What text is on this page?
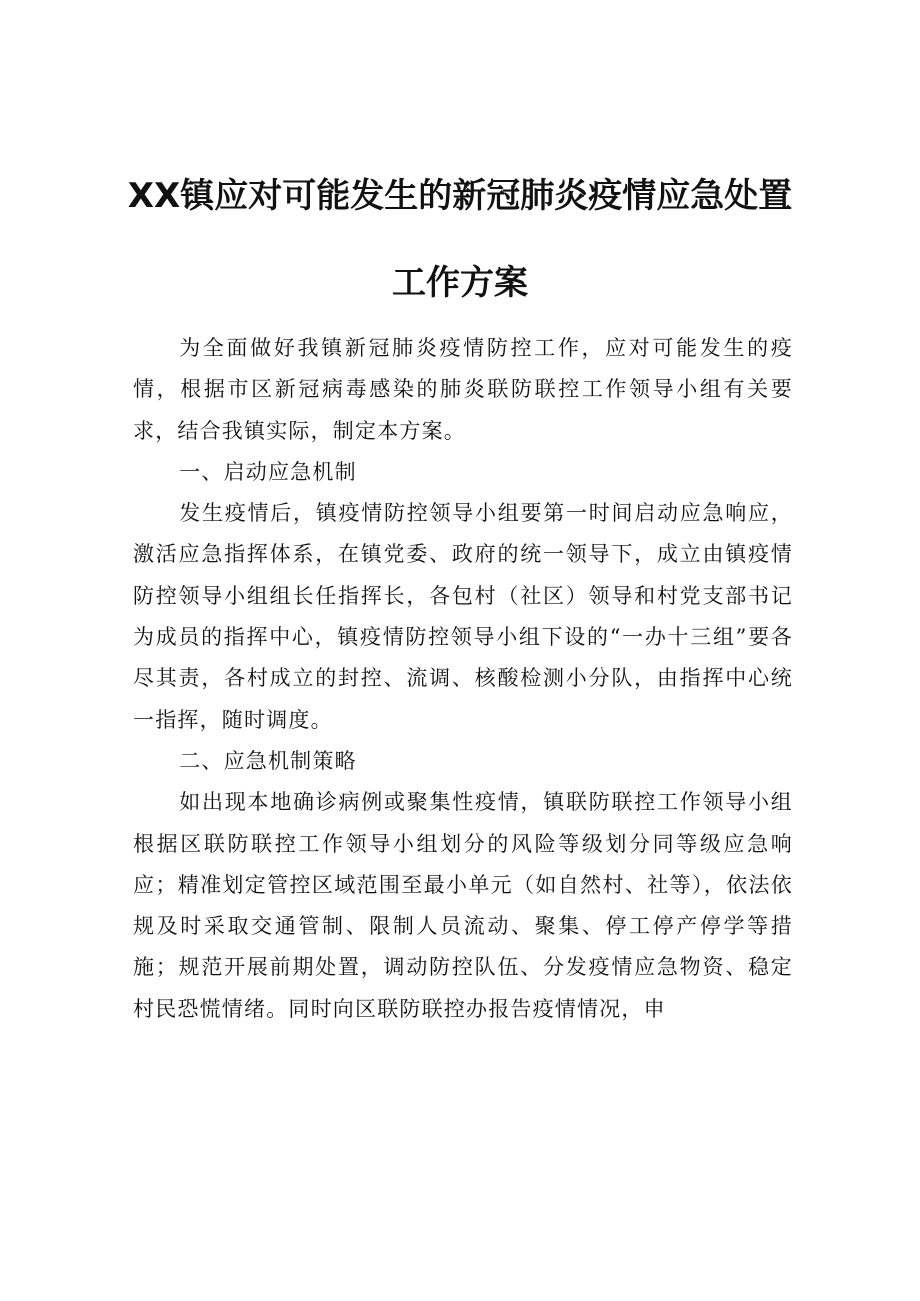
XX镇应对可能发生的新冠肺炎疫情应急处置
工作方案

为全面做好我镇新冠肺炎疫情防控工作，应对可能发生的疫情，根据市区新冠病毒感染的肺炎联防联控工作领导小组有关要求，结合我镇实际，制定本方案。

一、启动应急机制

发生疫情后，镇疫情防控领导小组要第一时间启动应急响应，激活应急指挥体系，在镇党委、政府的统一领导下，成立由镇疫情防控领导小组组长任指挥长，各包村（社区）领导和村党支部书记为成员的指挥中心，镇疫情防控领导小组下设的“一办十三组”要各尽其责，各村成立的封控、流调、核酸检测小分队，由指挥中心统一指挥，随时调度。

二、应急机制策略

如出现本地确诊病例或聚集性疫情，镇联防联控工作领导小组根据区联防联控工作领导小组划分的风险等级划分同等级应急响应；精准划定管控区域范围至最小单元（如自然村、社等），依法依规及时采取交通管制、限制人员流动、聚集、停工停产停学等措施；规范开展前期处置，调动防控队伍、分发疫情应急物资、稳定村民恐慌情绪。同时向区联防联控办报告疫情情况，申
